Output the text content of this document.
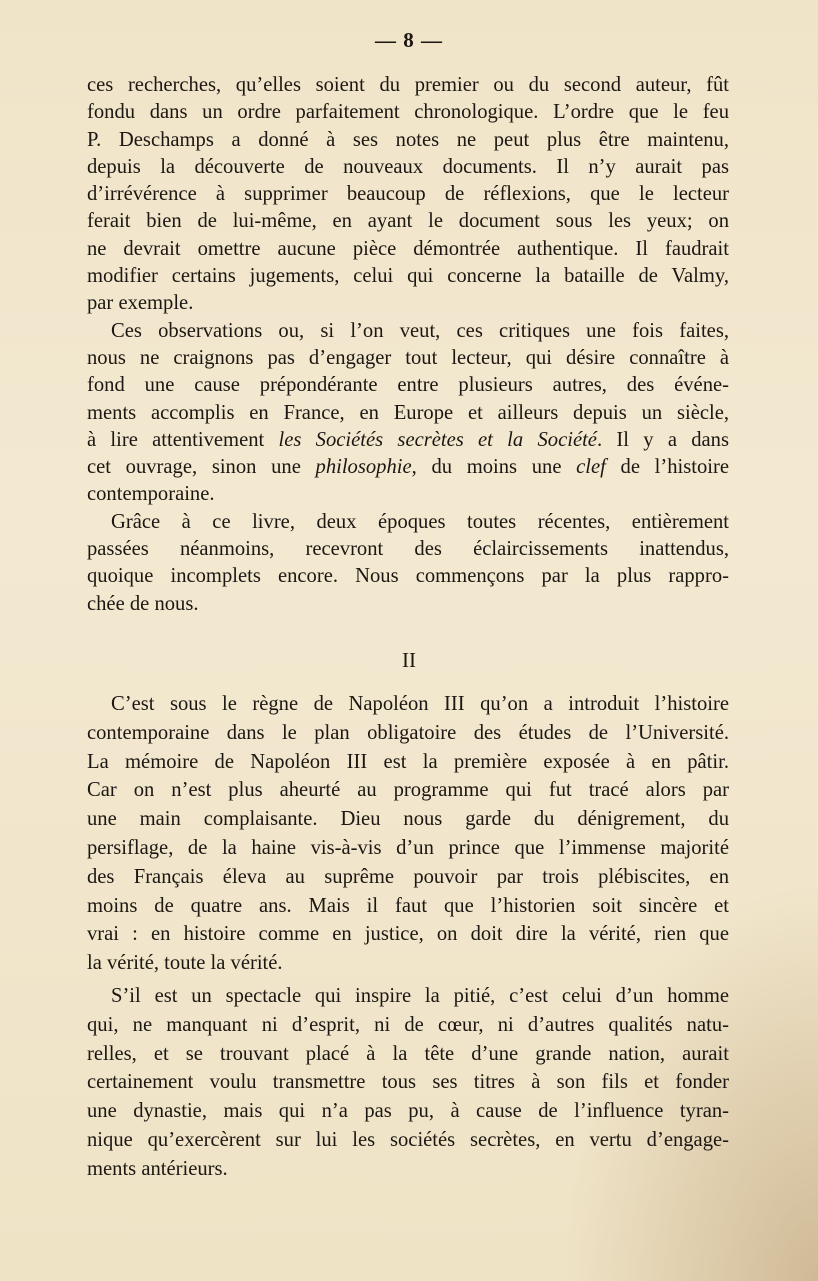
— 8 —
ces recherches, qu’elles soient du premier ou du second auteur, fût
fondu dans un ordre parfaitement chronologique. L’ordre que le feu
P. Deschamps a donné à ses notes ne peut plus être maintenu,
depuis la découverte de nouveaux documents. Il n’y aurait pas
d’irrévérence à supprimer beaucoup de réflexions, que le lecteur
ferait bien de lui-même, en ayant le document sous les yeux; on
ne devrait omettre aucune pièce démontrée authentique. Il faudrait
modifier certains jugements, celui qui concerne la bataille de Valmy,
par exemple.
Ces observations ou, si l’on veut, ces critiques une fois faites,
nous ne craignons pas d’engager tout lecteur, qui désire connaître à
fond une cause prépondérante entre plusieurs autres, des événe-
ments accomplis en France, en Europe et ailleurs depuis un siècle,
à lire attentivement les Sociétés secrètes et la Société. Il y a dans
cet ouvrage, sinon une philosophie, du moins une clef de l’histoire
contemporaine.
Grâce à ce livre, deux époques toutes récentes, entièrement
passées néanmoins, recevront des éclaircissements inattendus,
quoique incomplets encore. Nous commençons par la plus rappro-
chée de nous.
II
C’est sous le règne de Napoléon III qu’on a introduit l’histoire
contemporaine dans le plan obligatoire des études de l’Université.
La mémoire de Napoléon III est la première exposée à en pâtir.
Car on n’est plus aheurté au programme qui fut tracé alors par
une main complaisante. Dieu nous garde du dénigrement, du
persiflage, de la haine vis-à-vis d’un prince que l’immense majorité
des Français éleva au suprême pouvoir par trois plébiscites, en
moins de quatre ans. Mais il faut que l’historien soit sincère et
vrai : en histoire comme en justice, on doit dire la vérité, rien que
la vérité, toute la vérité.
S’il est un spectacle qui inspire la pitié, c’est celui d’un homme
qui, ne manquant ni d’esprit, ni de cœur, ni d’autres qualités natu-
relles, et se trouvant placé à la tête d’une grande nation, aurait
certainement voulu transmettre tous ses titres à son fils et fonder
une dynastie, mais qui n’a pas pu, à cause de l’influence tyran-
nique qu’exercèrent sur lui les sociétés secrètes, en vertu d’engage-
ments antérieurs.
